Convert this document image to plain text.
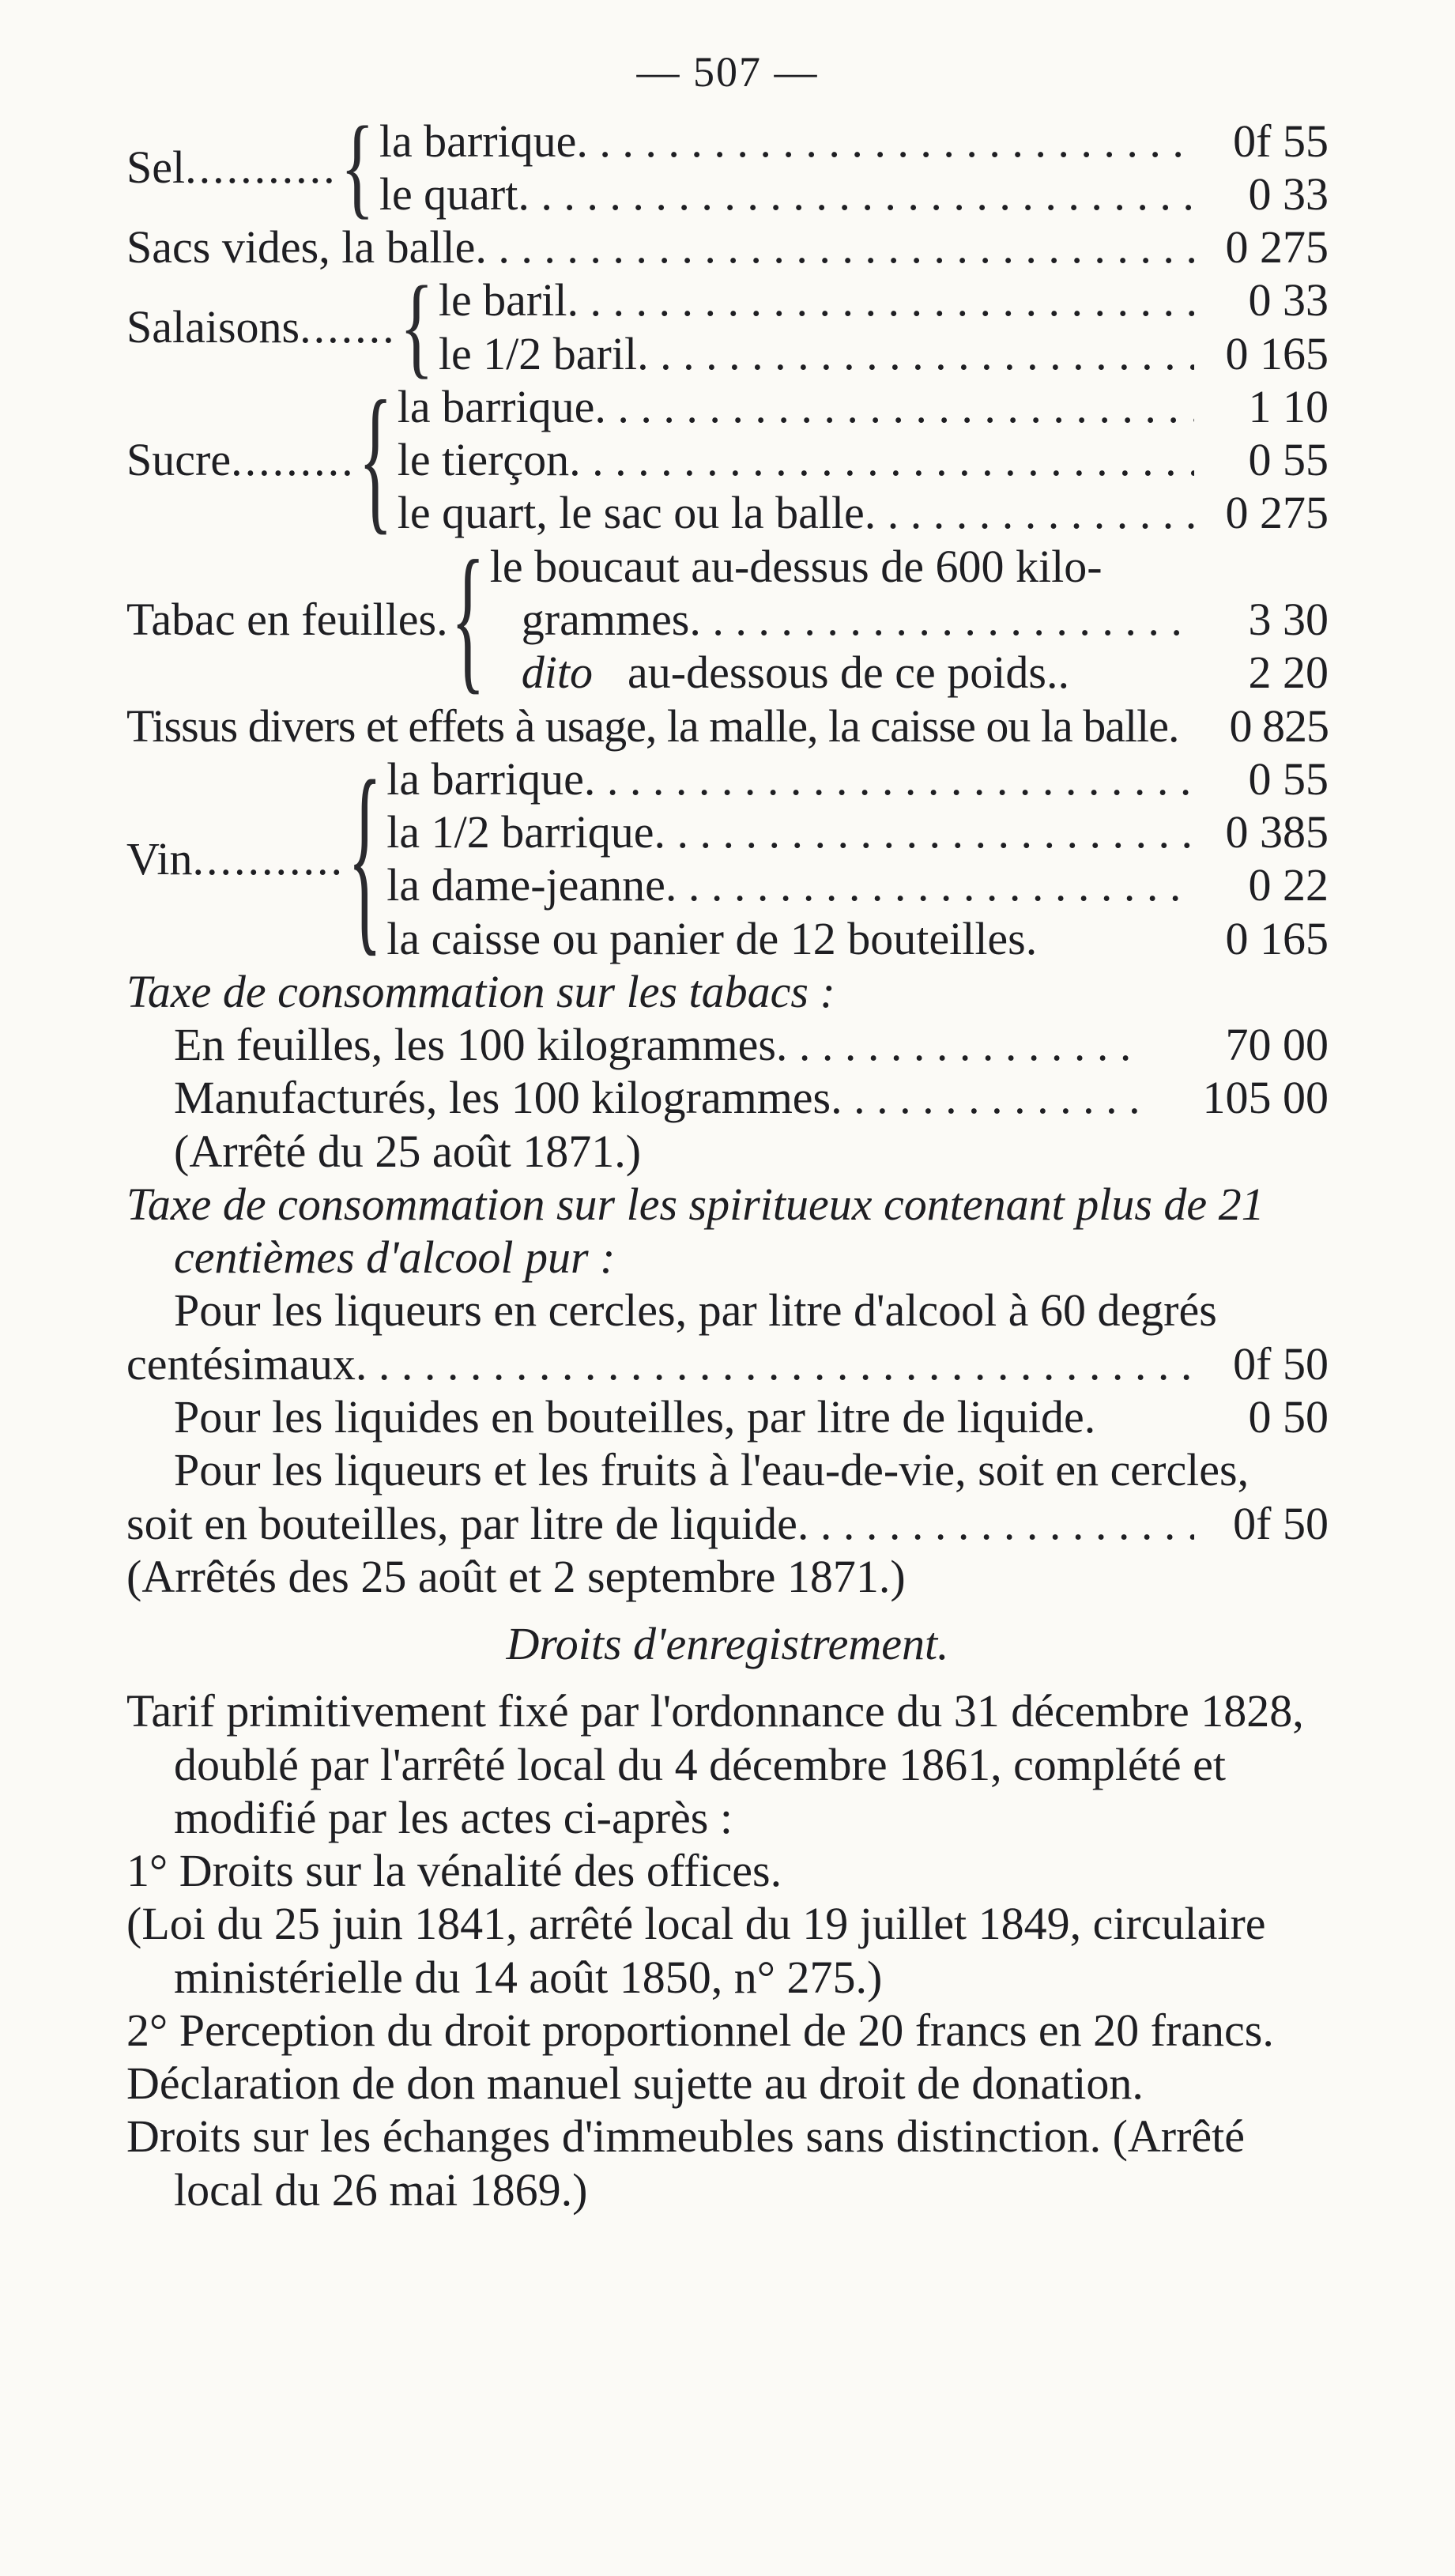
— 507 —
Sel ........... { la barrique . . .	0f 55
le quart . . .	0 33
Sacs vides, la balle . . .	0 275
Salaisons ....... { le baril . . .	0 33
le 1/2 baril . . .	0 165
Sucre ......... { la barrique . . .	1 10
le tierçon . . .	0 55
le quart, le sac ou la balle . . .	0 275
Tabac en feuilles. { le boucaut au-dessus de 600 kilo-
grammes . . .	3 30
dito au-dessous de ce poids..	2 20
Tissus divers et effets à usage, la malle, la caisse ou la balle.	0 825
Vin ........... { la barrique . . .	0 55
la 1/2 barrique . . .	0 385
la dame-jeanne . . .	0 22
la caisse ou panier de 12 bouteilles.	0 165
Taxe de consommation sur les tabacs :
En feuilles, les 100 kilogrammes . . .	70 00
Manufacturés, les 100 kilogrammes . . .	105 00
(Arrêté du 25 août 1871.)
Taxe de consommation sur les spiritueux contenant plus de 21
centièmes d'alcool pur :
Pour les liqueurs en cercles, par litre d'alcool à 60 degrés
centésimaux . . .	0f 50
Pour les liquides en bouteilles, par litre de liquide.	0 50
Pour les liqueurs et les fruits à l'eau-de-vie, soit en cercles,
soit en bouteilles, par litre de liquide . . .	0f 50
(Arrêtés des 25 août et 2 septembre 1871.)
Droits d'enregistrement.
Tarif primitivement fixé par l'ordonnance du 31 décembre 1828,
doublé par l'arrêté local du 4 décembre 1861, complété et
modifié par les actes ci-après :
1° Droits sur la vénalité des offices.
(Loi du 25 juin 1841, arrêté local du 19 juillet 1849, circulaire
ministérielle du 14 août 1850, n° 275.)
2° Perception du droit proportionnel de 20 francs en 20 francs.
Déclaration de don manuel sujette au droit de donation.
Droits sur les échanges d'immeubles sans distinction. (Arrêté
local du 26 mai 1869.)
